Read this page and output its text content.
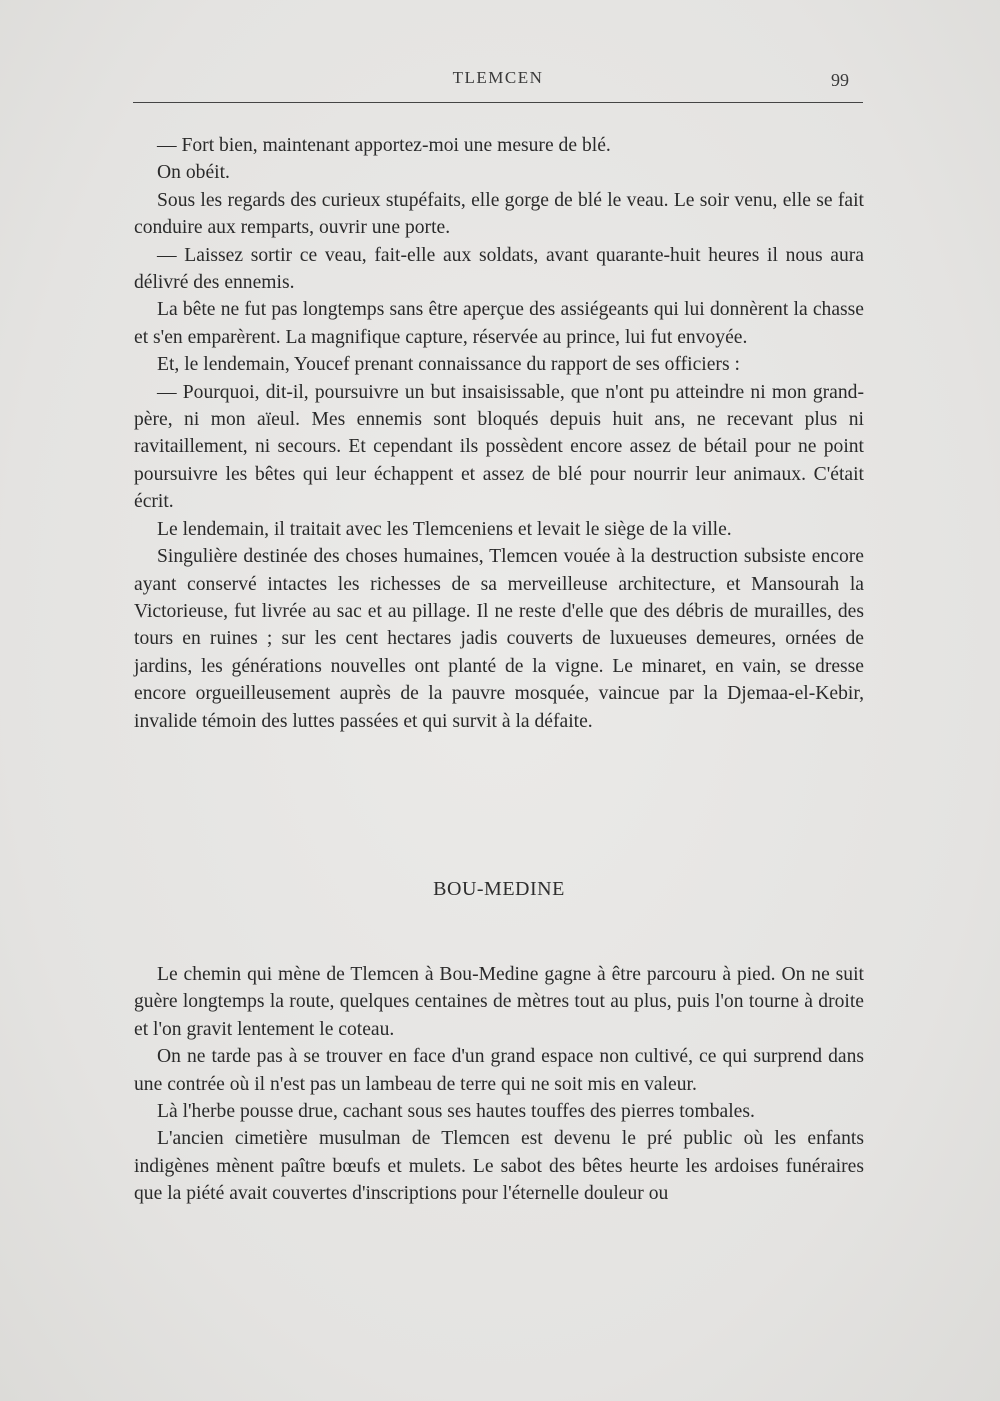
TLEMCEN	99

— Fort bien, maintenant apportez-moi une mesure de blé.

On obéit.

Sous les regards des curieux stupéfaits, elle gorge de blé le veau. Le soir venu, elle se fait conduire aux remparts, ouvrir une porte.

— Laissez sortir ce veau, fait-elle aux soldats, avant quarante-huit heures il nous aura délivré des ennemis.

La bête ne fut pas longtemps sans être aperçue des assiégeants qui lui donnèrent la chasse et s'en emparèrent. La magnifique capture, réservée au prince, lui fut envoyée.

Et, le lendemain, Youcef prenant connaissance du rapport de ses officiers :

— Pourquoi, dit-il, poursuivre un but insaisissable, que n'ont pu atteindre ni mon grand-père, ni mon aïeul. Mes ennemis sont bloqués depuis huit ans, ne recevant plus ni ravitaillement, ni secours. Et cependant ils possèdent encore assez de bétail pour ne point poursuivre les bêtes qui leur échappent et assez de blé pour nourrir leur animaux. C'était écrit.

Le lendemain, il traitait avec les Tlemceniens et levait le siège de la ville.

Singulière destinée des choses humaines, Tlemcen vouée à la destruction subsiste encore ayant conservé intactes les richesses de sa merveilleuse architecture, et Mansourah la Victorieuse, fut livrée au sac et au pillage. Il ne reste d'elle que des débris de murailles, des tours en ruines ; sur les cent hectares jadis couverts de luxueuses demeures, ornées de jardins, les générations nouvelles ont planté de la vigne. Le minaret, en vain, se dresse encore orgueilleusement auprès de la pauvre mosquée, vaincue par la Djemaa-el-Kebir, invalide témoin des luttes passées et qui survit à la défaite.

BOU-MEDINE

Le chemin qui mène de Tlemcen à Bou-Medine gagne à être parcouru à pied. On ne suit guère longtemps la route, quelques centaines de mètres tout au plus, puis l'on tourne à droite et l'on gravit lentement le coteau.

On ne tarde pas à se trouver en face d'un grand espace non cultivé, ce qui surprend dans une contrée où il n'est pas un lambeau de terre qui ne soit mis en valeur.

Là l'herbe pousse drue, cachant sous ses hautes touffes des pierres tombales.

L'ancien cimetière musulman de Tlemcen est devenu le pré public où les enfants indigènes mènent paître bœufs et mulets. Le sabot des bêtes heurte les ardoises funéraires que la piété avait couvertes d'inscriptions pour l'éternelle douleur ou
